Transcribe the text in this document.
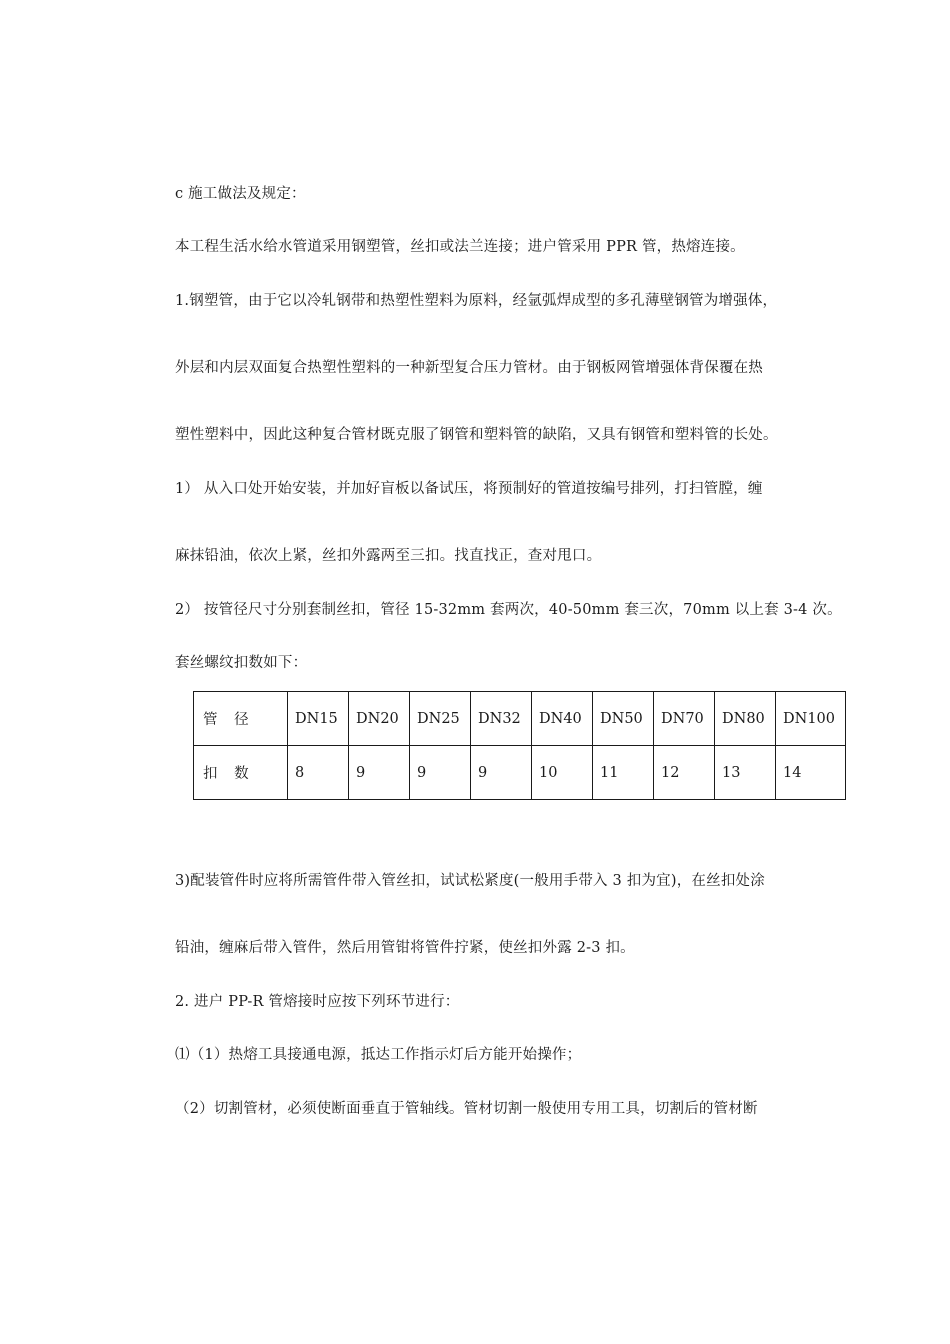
c 施工做法及规定：
本工程生活水给水管道采用钢塑管，丝扣或法兰连接；进户管采用 PPR 管，热熔连接。
1.钢塑管，由于它以冷轧钢带和热塑性塑料为原料，经氩弧焊成型的多孔薄壁钢管为增强体，
外层和内层双面复合热塑性塑料的一种新型复合压力管材。由于钢板网管增强体背保覆在热
塑性塑料中，因此这种复合管材既克服了钢管和塑料管的缺陷，又具有钢管和塑料管的长处。
1） 从入口处开始安装，并加好盲板以备试压，将预制好的管道按编号排列，打扫管膛，缠
麻抹铅油，依次上紧，丝扣外露两至三扣。找直找正，查对甩口。
2） 按管径尺寸分别套制丝扣，管径 15-32mm 套两次，40-50mm 套三次，70mm 以上套 3-4 次。
套丝螺纹扣数如下：
管 径	DN15	DN20	DN25	DN32	DN40	DN50	DN70	DN80	DN100
扣 数	8	9	9	9	10	11	12	13	14
3)配装管件时应将所需管件带入管丝扣，试试松紧度(一般用手带入 3 扣为宜)，在丝扣处涂
铅油，缠麻后带入管件，然后用管钳将管件拧紧，使丝扣外露 2-3 扣。
2. 进户 PP-R 管熔接时应按下列环节进行：
⑴（1）热熔工具接通电源，抵达工作指示灯后方能开始操作；
（2）切割管材，必须使断面垂直于管轴线。管材切割一般使用专用工具，切割后的管材断
